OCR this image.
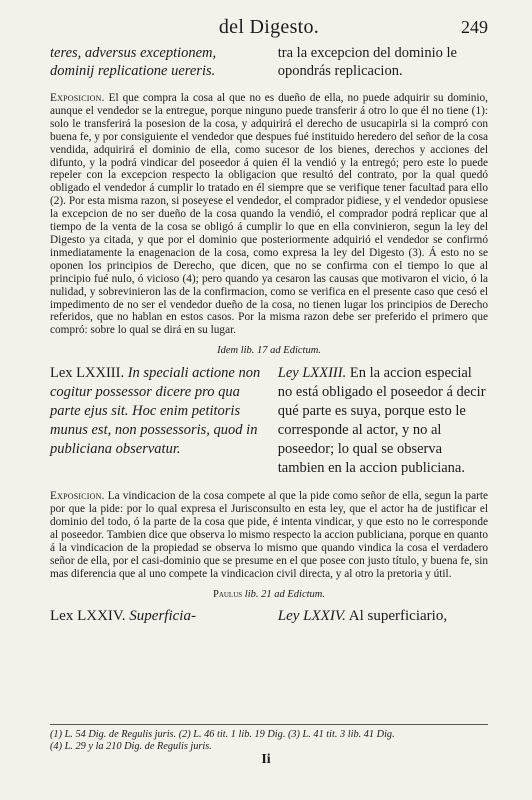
del Digesto.	249
teres, adversus exceptionem, dominij replicatione uereris.
tra la excepcion del dominio le opondrás replicacion.
Exposicion. El que compra la cosa al que no es dueño de ella, no puede adquirir su dominio, aunque el vendedor se la entregue, porque ninguno puede transferir á otro lo que él no tiene (1): solo le transferirá la posesion de la cosa, y adquirirá el derecho de usucapirla si la compró con buena fe, y por consiguiente el vendedor que despues fué instituido heredero del señor de la cosa vendida, adquirirá el dominio de ella, como sucesor de los bienes, derechos y acciones del difunto, y la podrá vindicar del poseedor á quien él la vendió y la entregó; pero este lo puede repeler con la excepcion respecto la obligacion que resultó del contrato, por la qual quedó obligado el vendedor á cumplir lo tratado en él siempre que se verifique tener facultad para ello (2). Por esta misma razon, si poseyese el vendedor, el comprador pidiese, y el vendedor opusiese la excepcion de no ser dueño de la cosa quando la vendió, el comprador podrá replicar que al tiempo de la venta de la cosa se obligó á cumplir lo que en ella convinieron, segun la ley del Digesto ya citada, y que por el dominio que posteriormente adquirió el vendedor se confirmó inmediatamente la enagenacion de la cosa, como expresa la ley del Digesto (3). Á esto no se oponen los principios de Derecho, que dicen, que no se confirma con el tiempo lo que al principio fué nulo, ó vicioso (4); pero quando ya cesaron las causas que motivaron el vicio, ó la nulidad, y sobrevinieron las de la confirmacion, como se verifica en el presente caso que cesó el impedimento de no ser el vendedor dueño de la cosa, no tienen lugar los principios de Derecho referidos, que no hablan en estos casos. Por la misma razon debe ser preferido el primero que compró: sobre lo qual se dirá en su lugar.
Idem lib. 17 ad Edictum.
Lex LXXIII. In speciali actione non cogitur possessor dicere pro qua parte ejus sit. Hoc enim petitoris munus est, non possessoris, quod in publiciana observatur.
Ley LXXIII. En la accion especial no está obligado el poseedor á decir qué parte es suya, porque esto le corresponde al actor, y no al poseedor; lo qual se observa tambien en la accion publiciana.
Exposicion. La vindicacion de la cosa compete al que la pide como señor de ella, segun la parte por que la pide: por lo qual expresa el Jurisconsulto en esta ley, que el actor ha de justificar el dominio del todo, ó la parte de la cosa que pide, é intenta vindicar, y que esto no le corresponde al poseedor. Tambien dice que observa lo mismo respecto la accion publiciana, porque en quanto á la vindicacion de la propiedad se observa lo mismo que quando vindica la cosa el verdadero señor de ella, por el casi-dominio que se presume en el que posee con justo título, y buena fe, sin mas diferencia que al uno compete la vindicacion civil directa, y al otro la pretoria y útil.
Paulus lib. 21 ad Edictum.
Lex LXXIV. Superficia-	Ley LXXIV. Al superficiario,
(1) L. 54 Dig. de Regulis juris. (2) L. 46 tit. 1 lib. 19 Dig. (3) L. 41 tit. 3 lib. 41 Dig.
(4) L. 29 y la 210 Dig. de Regulis juris.
Ii
